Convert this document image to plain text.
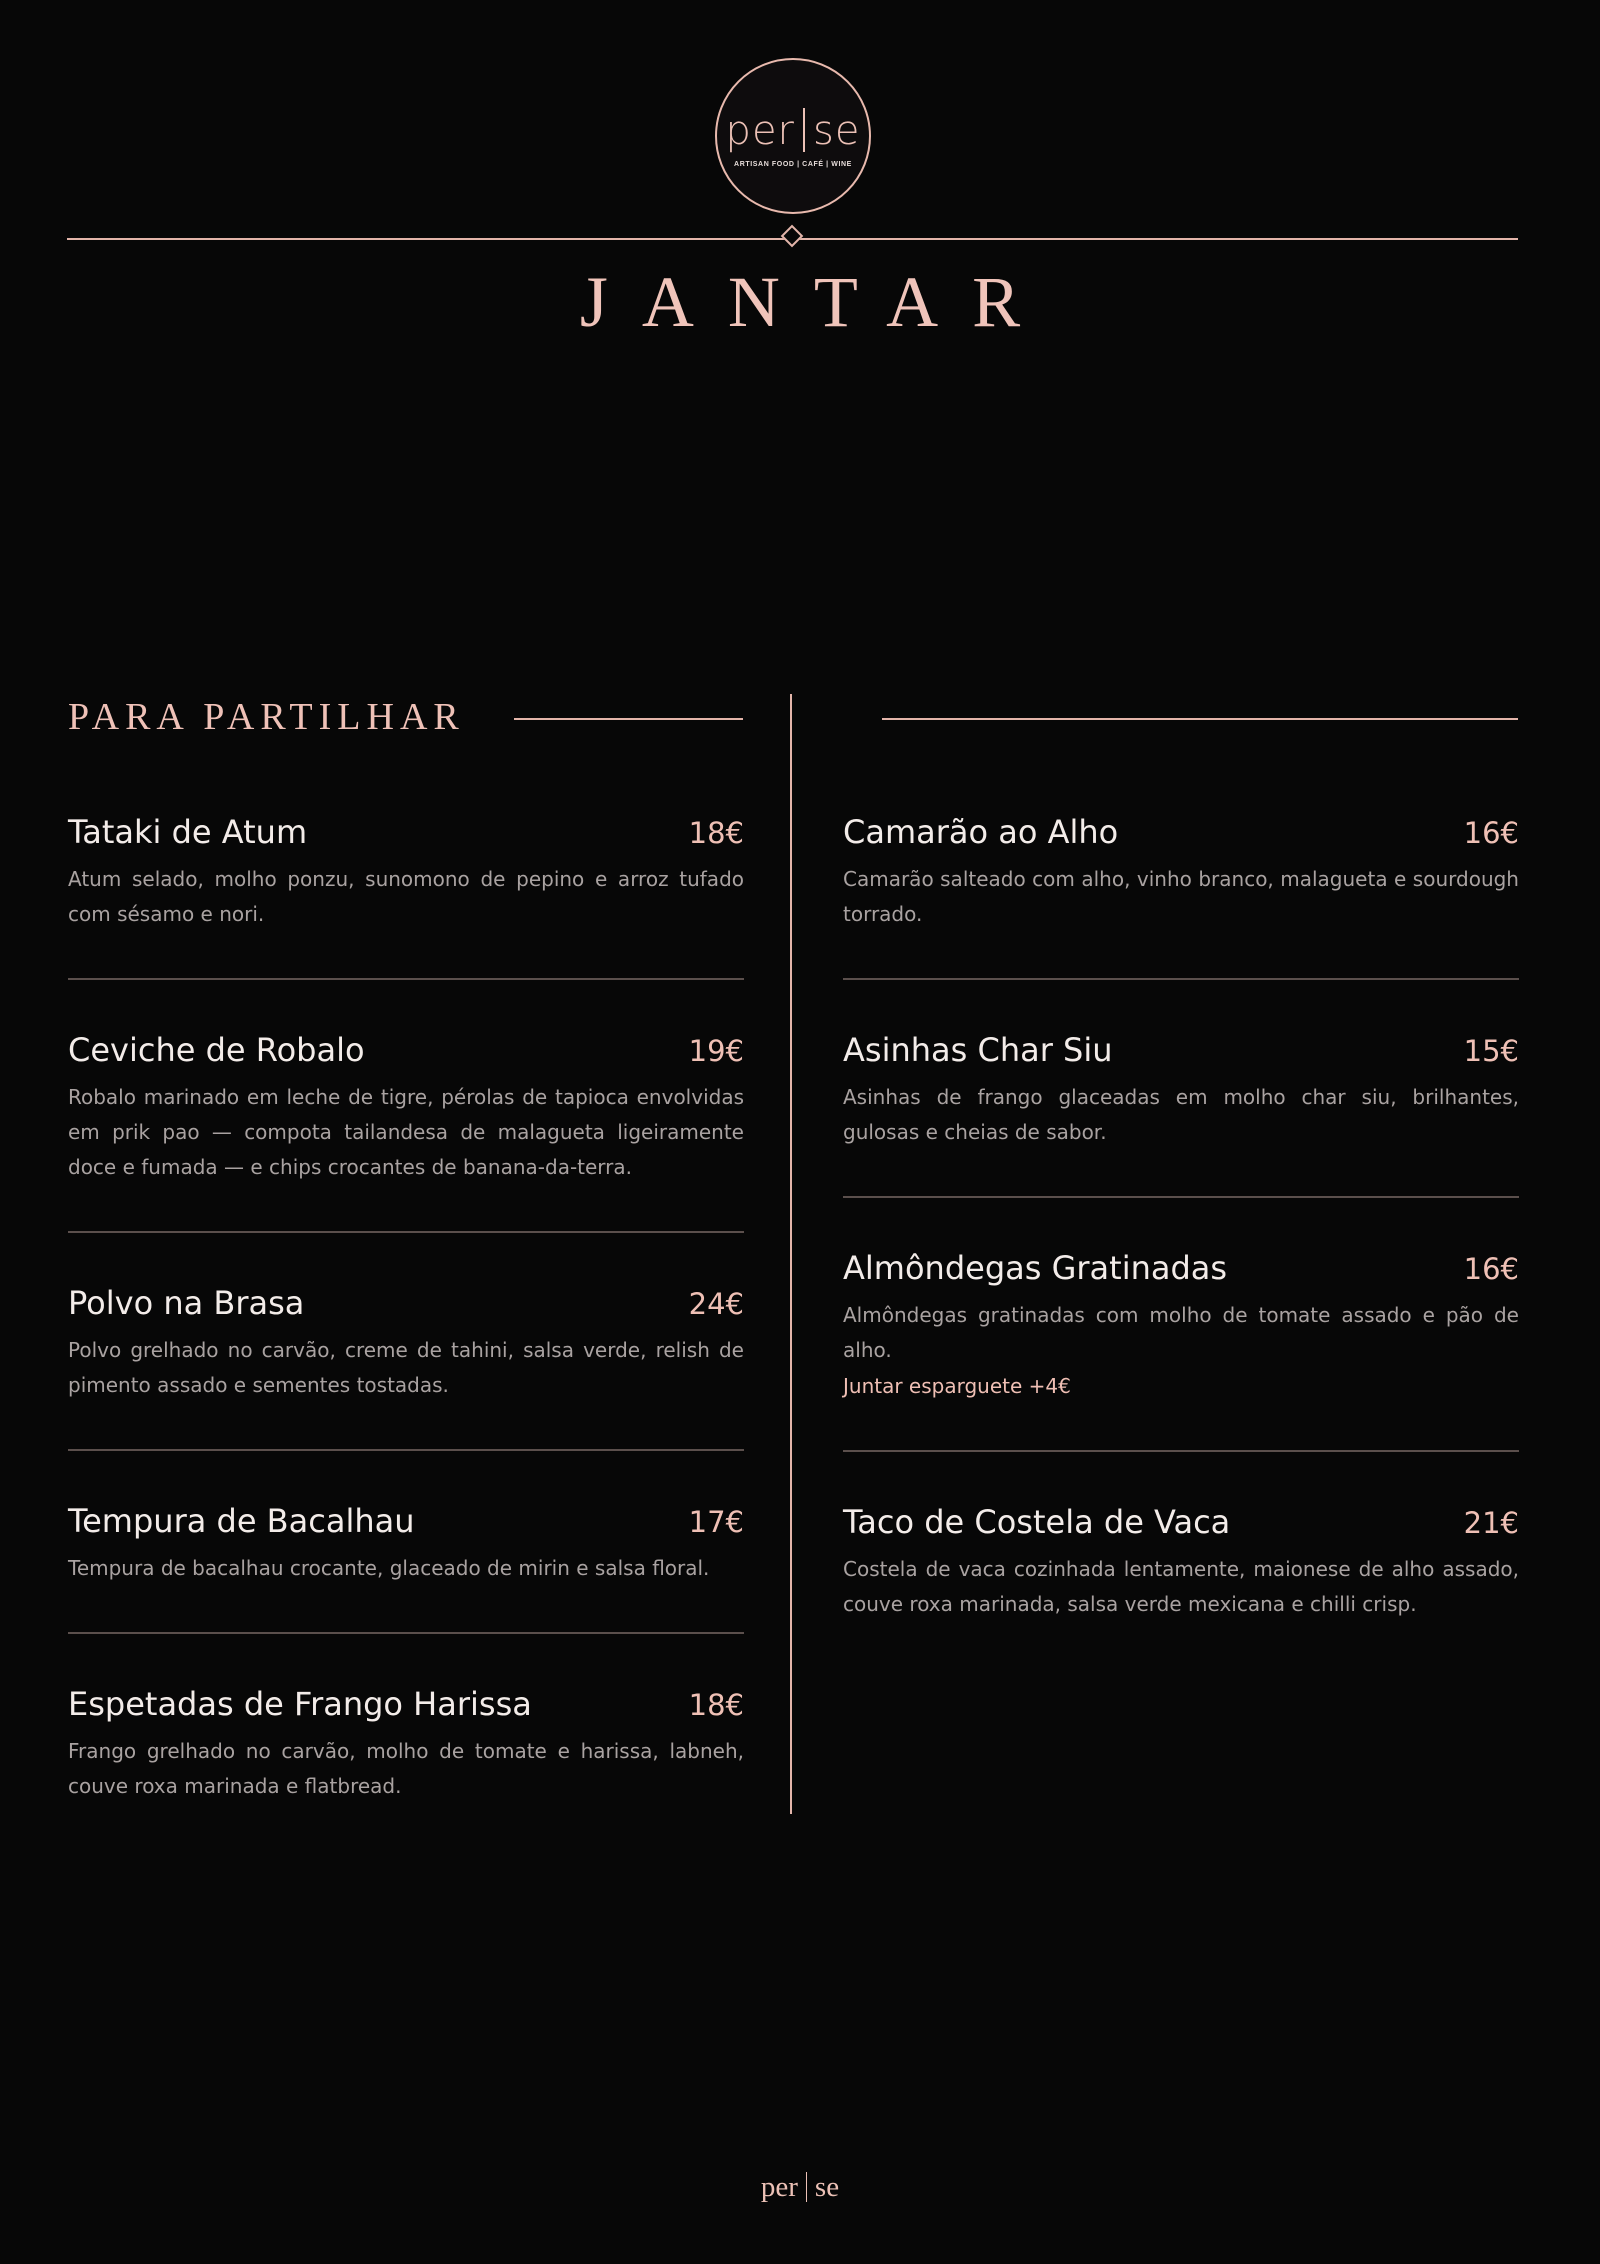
per se
ARTISAN FOOD | CAFÉ | WINE
JANTAR
PARA PARTILHAR
Tataki de Atum	18€
Atum selado, molho ponzu, sunomono de pepino e arroz tufado com sésamo e nori.
Ceviche de Robalo	19€
Robalo marinado em leche de tigre, pérolas de tapioca envolvidas em prik pao — compota tailandesa de malagueta ligeiramente doce e fumada — e chips crocantes de banana-da-terra.
Polvo na Brasa	24€
Polvo grelhado no carvão, creme de tahini, salsa verde, relish de pimento assado e sementes tostadas.
Tempura de Bacalhau	17€
Tempura de bacalhau crocante, glaceado de mirin e salsa floral.
Espetadas de Frango Harissa	18€
Frango grelhado no carvão, molho de tomate e harissa, labneh, couve roxa marinada e flatbread.
Camarão ao Alho	16€
Camarão salteado com alho, vinho branco, malagueta e sourdough torrado.
Asinhas Char Siu	15€
Asinhas de frango glaceadas em molho char siu, brilhantes, gulosas e cheias de sabor.
Almôndegas Gratinadas	16€
Almôndegas gratinadas com molho de tomate assado e pão de alho.
Juntar esparguete +4€
Taco de Costela de Vaca	21€
Costela de vaca cozinhada lentamente, maionese de alho assado, couve roxa marinada, salsa verde mexicana e chilli crisp.
per se
